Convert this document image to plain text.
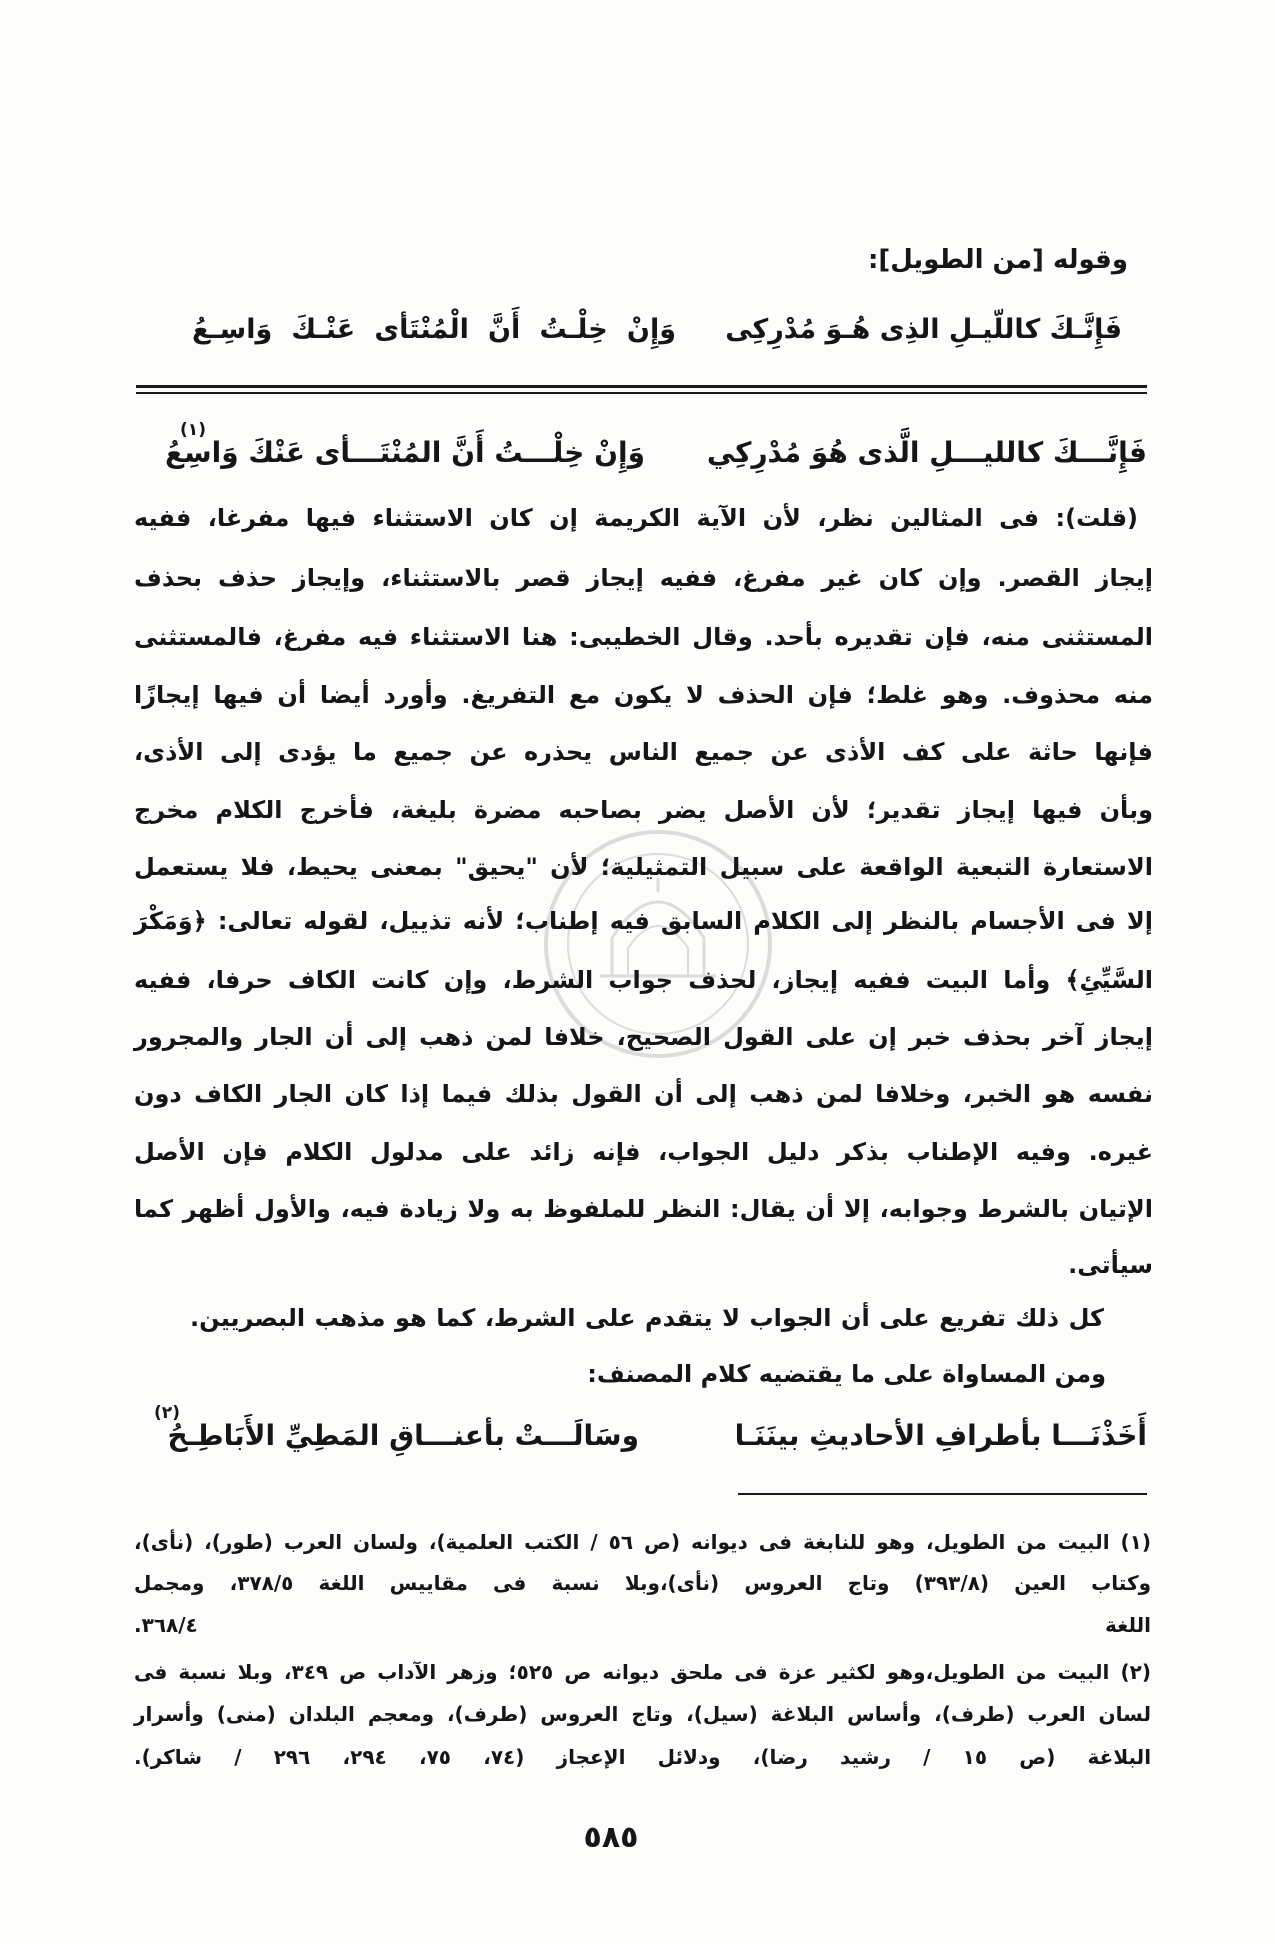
وقوله [من الطويل]:
فَإِنَّـكَ كاللّيـلِ الذِى هُـوَ مُدْرِكِى
وَإِنْ خِلْـتُ أَنَّ الْمُنْتَأى عَنْـكَ وَاسِـعُ
فَإِنَّـــكَ كالليـــلِ الَّذى هُوَ مُدْرِكِي
وَإِنْ خِلْـــتُ أَنَّ المُنْتَـــأى عَنْكَ وَاسِعُ
(١)
(قلت): فى المثالين نظر، لأن الآية الكريمة إن كان الاستثناء فيها مفرغا، ففيه
إيجاز القصر. وإن كان غير مفرغ، ففيه إيجاز قصر بالاستثناء، وإيجاز حذف بحذف
المستثنى منه، فإن تقديره بأحد. وقال الخطيبى: هنا الاستثناء فيه مفرغ، فالمستثنى
منه محذوف. وهو غلط؛ فإن الحذف لا يكون مع التفريغ. وأورد أيضا أن فيها إيجازًا
فإنها حاثة على كف الأذى عن جميع الناس يحذره عن جميع ما يؤدى إلى الأذى،
وبأن فيها إيجاز تقدير؛ لأن الأصل يضر بصاحبه مضرة بليغة، فأخرج الكلام مخرج
الاستعارة التبعية الواقعة على سبيل التمثيلية؛ لأن "يحيق" بمعنى يحيط، فلا يستعمل
إلا فى الأجسام بالنظر إلى الكلام السابق فيه إطناب؛ لأنه تذييل، لقوله تعالى: ﴿وَمَكْرَ
السَّيِّئِ﴾ وأما البيت ففيه إيجاز، لحذف جواب الشرط، وإن كانت الكاف حرفا، ففيه
إيجاز آخر بحذف خبر إن على القول الصحيح، خلافا لمن ذهب إلى أن الجار والمجرور
نفسه هو الخبر، وخلافا لمن ذهب إلى أن القول بذلك فيما إذا كان الجار الكاف دون
غيره. وفيه الإطناب بذكر دليل الجواب، فإنه زائد على مدلول الكلام فإن الأصل
الإتيان بالشرط وجوابه، إلا أن يقال: النظر للملفوظ به ولا زيادة فيه، والأول أظهر كما
سيأتى.
كل ذلك تفريع على أن الجواب لا يتقدم على الشرط، كما هو مذهب البصريين.
ومن المساواة على ما يقتضيه كلام المصنف:
أَخَذْنَـــا بأطرافِ الأحاديثِ بينَنَـا
وسَالَـــتْ بأعنـــاقِ المَطِيِّ الأَبَاطِـحُ
(٢)
(١) البيت من الطويل، وهو للنابغة فى ديوانه (ص ٥٦ / الكتب العلمية)، ولسان العرب (طور)، (نأى)،
وكتاب العين (٣٩٣/٨) وتاج العروس (نأى)،وبلا نسبة فى مقاييس اللغة ٣٧٨/٥، ومجمل
اللغة ٣٦٨/٤.
(٢) البيت من الطويل،وهو لكثير عزة فى ملحق ديوانه ص ٥٢٥؛ وزهر الآداب ص ٣٤٩، وبلا نسبة فى
لسان العرب (طرف)، وأساس البلاغة (سيل)، وتاج العروس (طرف)، ومعجم البلدان (منى) وأسرار
البلاغة (ص ١٥ / رشيد رضا)، ودلائل الإعجاز (٧٤، ٧٥، ٢٩٤، ٢٩٦ / شاكر).
٥٨٥
